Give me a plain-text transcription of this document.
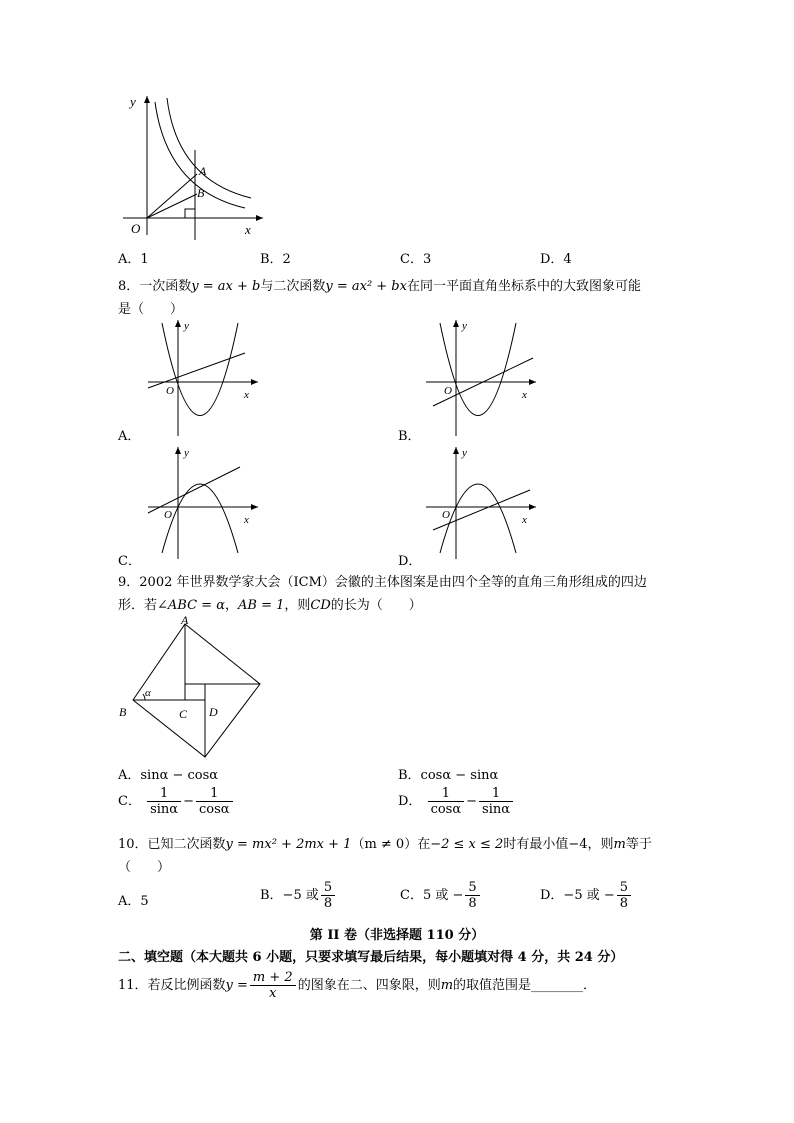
y
x
O
A
B
A．1	B．2	C．3	D．4
8．一次函数y = ax + b与二次函数y = ax² + bx在同一平面直角坐标系中的大致图象可能
是（　　）
y
x
O
A．
y
x
O
B．
y
x
O
C．
y
x
O
D．
9．2002 年世界数学家大会（ICM）会徽的主体图案是由四个全等的直角三角形组成的四边
形．若∠ABC = α，AB = 1，则CD的长为（　　）
A
B	C D
α
A．sinα − cosα	B．cosα − sinα
C． $\frac{1}{\sin\alpha} - \frac{1}{\cos\alpha}$	D． $\frac{1}{\cos\alpha} - \frac{1}{\sin\alpha}$
10．已知二次函数y = mx² + 2mx + 1（m ≠ 0）在−2 ≤ x ≤ 2时有最小值−4，则m等于
（　　）
A．5	B．−5 或 $\frac{5}{8}$	C．5 或 − $\frac{5}{8}$	D．−5 或 − $\frac{5}{8}$
第 II 卷（非选择题 110 分）
二、填空题（本大题共 6 小题，只要求填写最后结果，每小题填对得 4 分，共 24 分）
11．若反比例函数$y = \frac{m + 2}{x}$ 的图象在二、四象限，则m的取值范围是________．
